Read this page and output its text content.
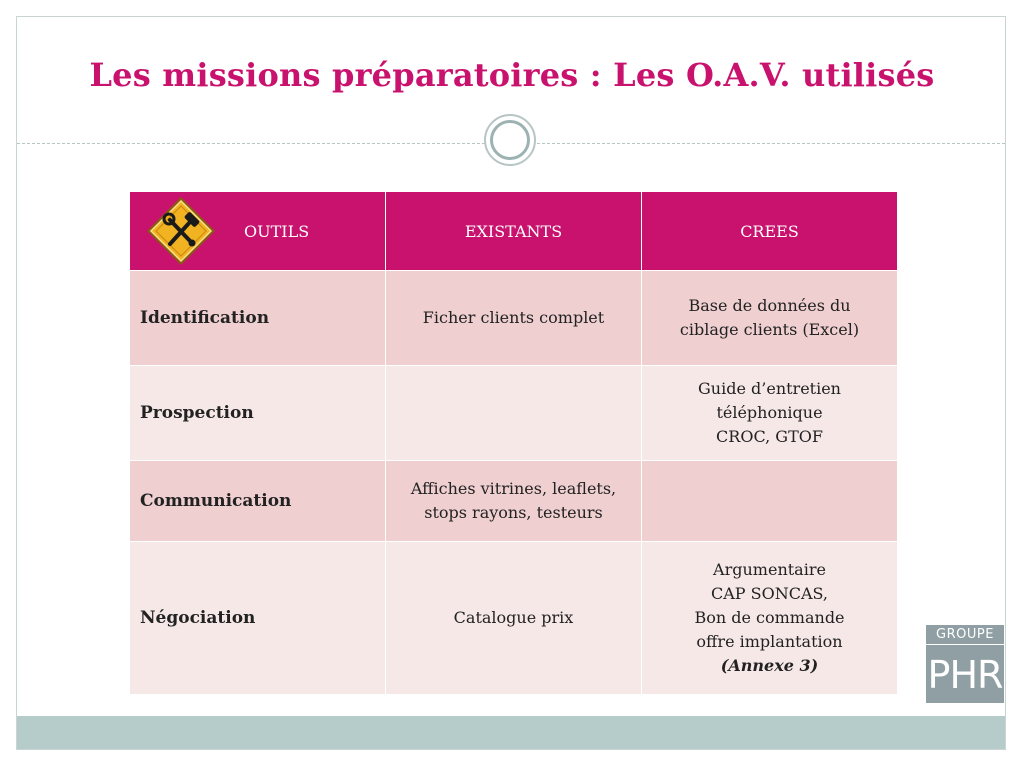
Les missions préparatoires : Les O.A.V. utilisés
OUTILS	EXISTANTS	CREES
Identification	Ficher clients complet	Base de données du
ciblage clients (Excel)

Prospection		Guide d’entretien
téléphonique
CROC, GTOF

Communication	Affiches vitrines, leaflets,
stops rayons, testeurs	

Négociation	Catalogue prix	Argumentaire
CAP SONCAS,
Bon de commande
offre implantation
(Annexe 3)
GROUPE
PHR
